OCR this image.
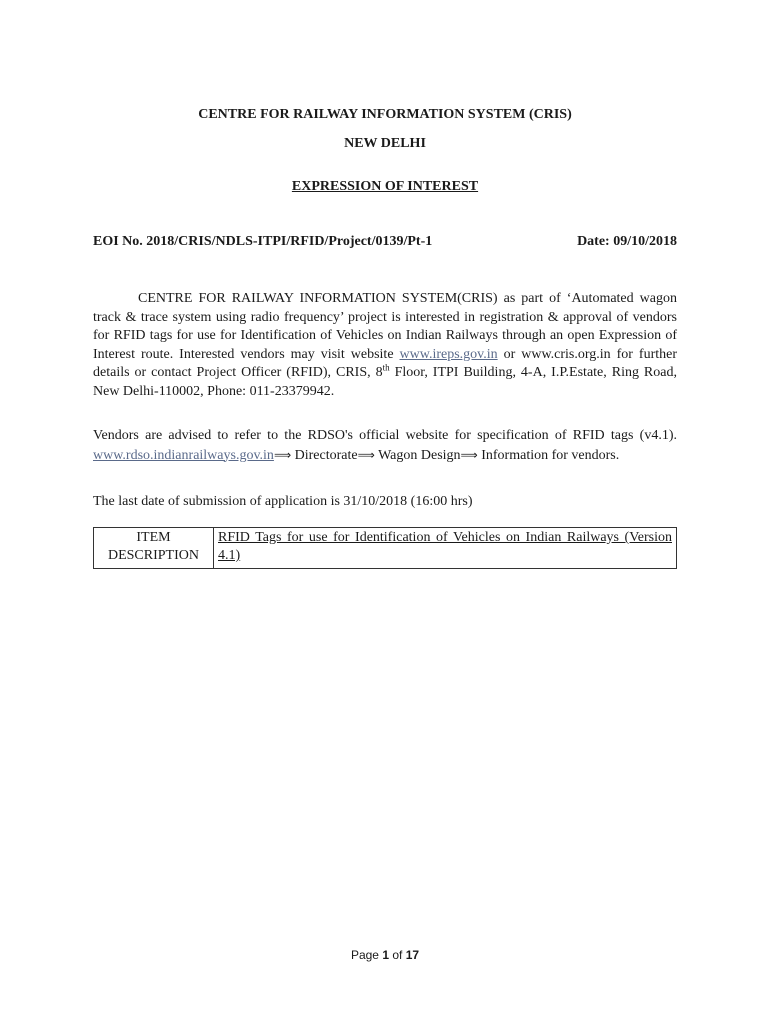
CENTRE FOR RAILWAY INFORMATION SYSTEM (CRIS)
NEW DELHI
EXPRESSION OF INTEREST
EOI No. 2018/CRIS/NDLS-ITPI/RFID/Project/0139/Pt-1	Date: 09/10/2018
CENTRE FOR RAILWAY INFORMATION SYSTEM(CRIS) as part of ‘Automated wagon track & trace system using radio frequency’ project is interested in registration & approval of vendors for RFID tags for use for Identification of Vehicles on Indian Railways through an open Expression of Interest route. Interested vendors may visit website www.ireps.gov.in or www.cris.org.in for further details or contact Project Officer (RFID), CRIS, 8th Floor, ITPI Building, 4-A, I.P.Estate, Ring Road, New Delhi-110002, Phone: 011-23379942.
Vendors are advised to refer to the RDSO's official website for specification of RFID tags (v4.1). www.rdso.indianrailways.gov.in⟹ Directorate⟹ Wagon Design⟹ Information for vendors.
The last date of submission of application is 31/10/2018 (16:00 hrs)
ITEM
DESCRIPTION
	RFID Tags for use for Identification of Vehicles on Indian Railways (Version 4.1)
Page 1 of 17
